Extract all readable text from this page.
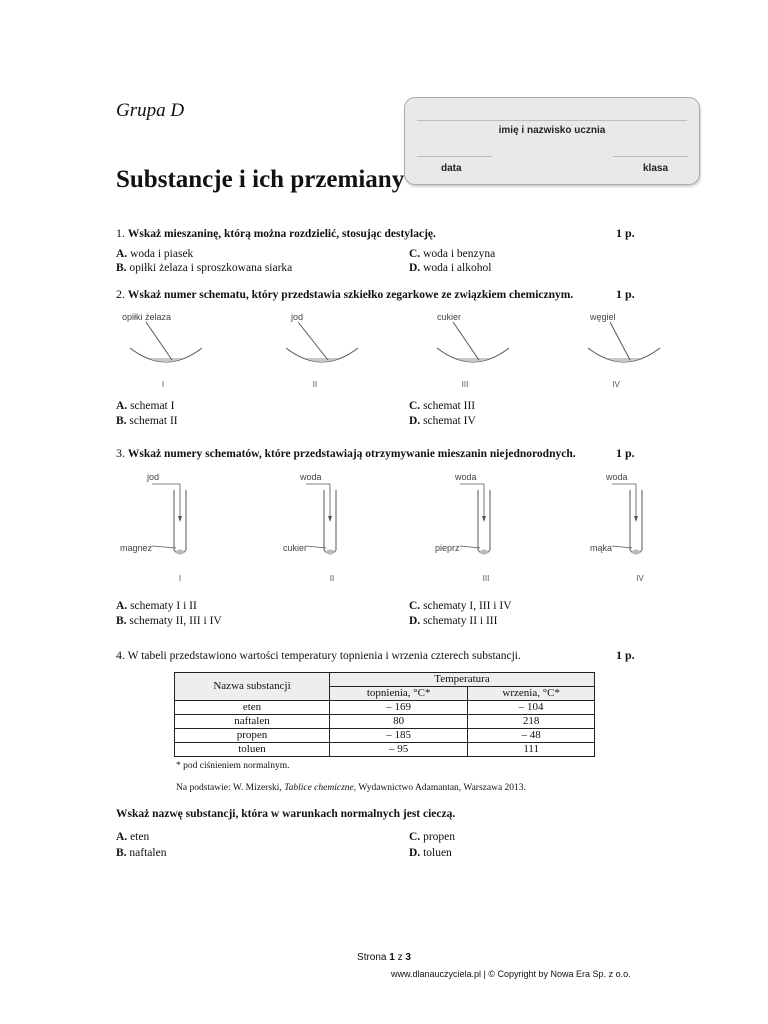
Grupa D
Substancje i ich przemiany
imię i nazwisko ucznia
data	klasa
1. Wskaż mieszaninę, którą można rozdzielić, stosując destylację.	1 p.
A. woda i piasek
B. opiłki żelaza i sproszkowana siarka
C. woda i benzyna
D. woda i alkohol
2. Wskaż numer schematu, który przedstawia szkiełko zegarkowe ze związkiem chemicznym.	1 p.
opiłki żelaza
I
jod
II
cukier
III
węgiel
IV
A. schemat I
B. schemat II
C. schemat III
D. schemat IV
3. Wskaż numery schematów, które przedstawiają otrzymywanie mieszanin niejednorodnych.	1 p.
jod
magnez
I
woda
cukier
II
woda
pieprz
III
woda
mąka
IV
A. schematy I i II
B. schematy II, III i IV
C. schematy I, III i IV
D. schematy II i III
4. W tabeli przedstawiono wartości temperatury topnienia i wrzenia czterech substancji.	1 p.
Nazwa substancji	Temperatura	
	topnienia, °C*	wrzenia, °C*
eten	– 169	– 104
naftalen	80	218
propen	– 185	– 48
toluen	– 95	111
* pod ciśnieniem normalnym.
Na podstawie: W. Mizerski, Tablice chemiczne, Wydawnictwo Adamantan, Warszawa 2013.
Wskaż nazwę substancji, która w warunkach normalnych jest cieczą.
A. eten
B. naftalen
C. propen
D. toluen
Strona 1 z 3
www.dlanauczyciela.pl | © Copyright by Nowa Era Sp. z o.o.
